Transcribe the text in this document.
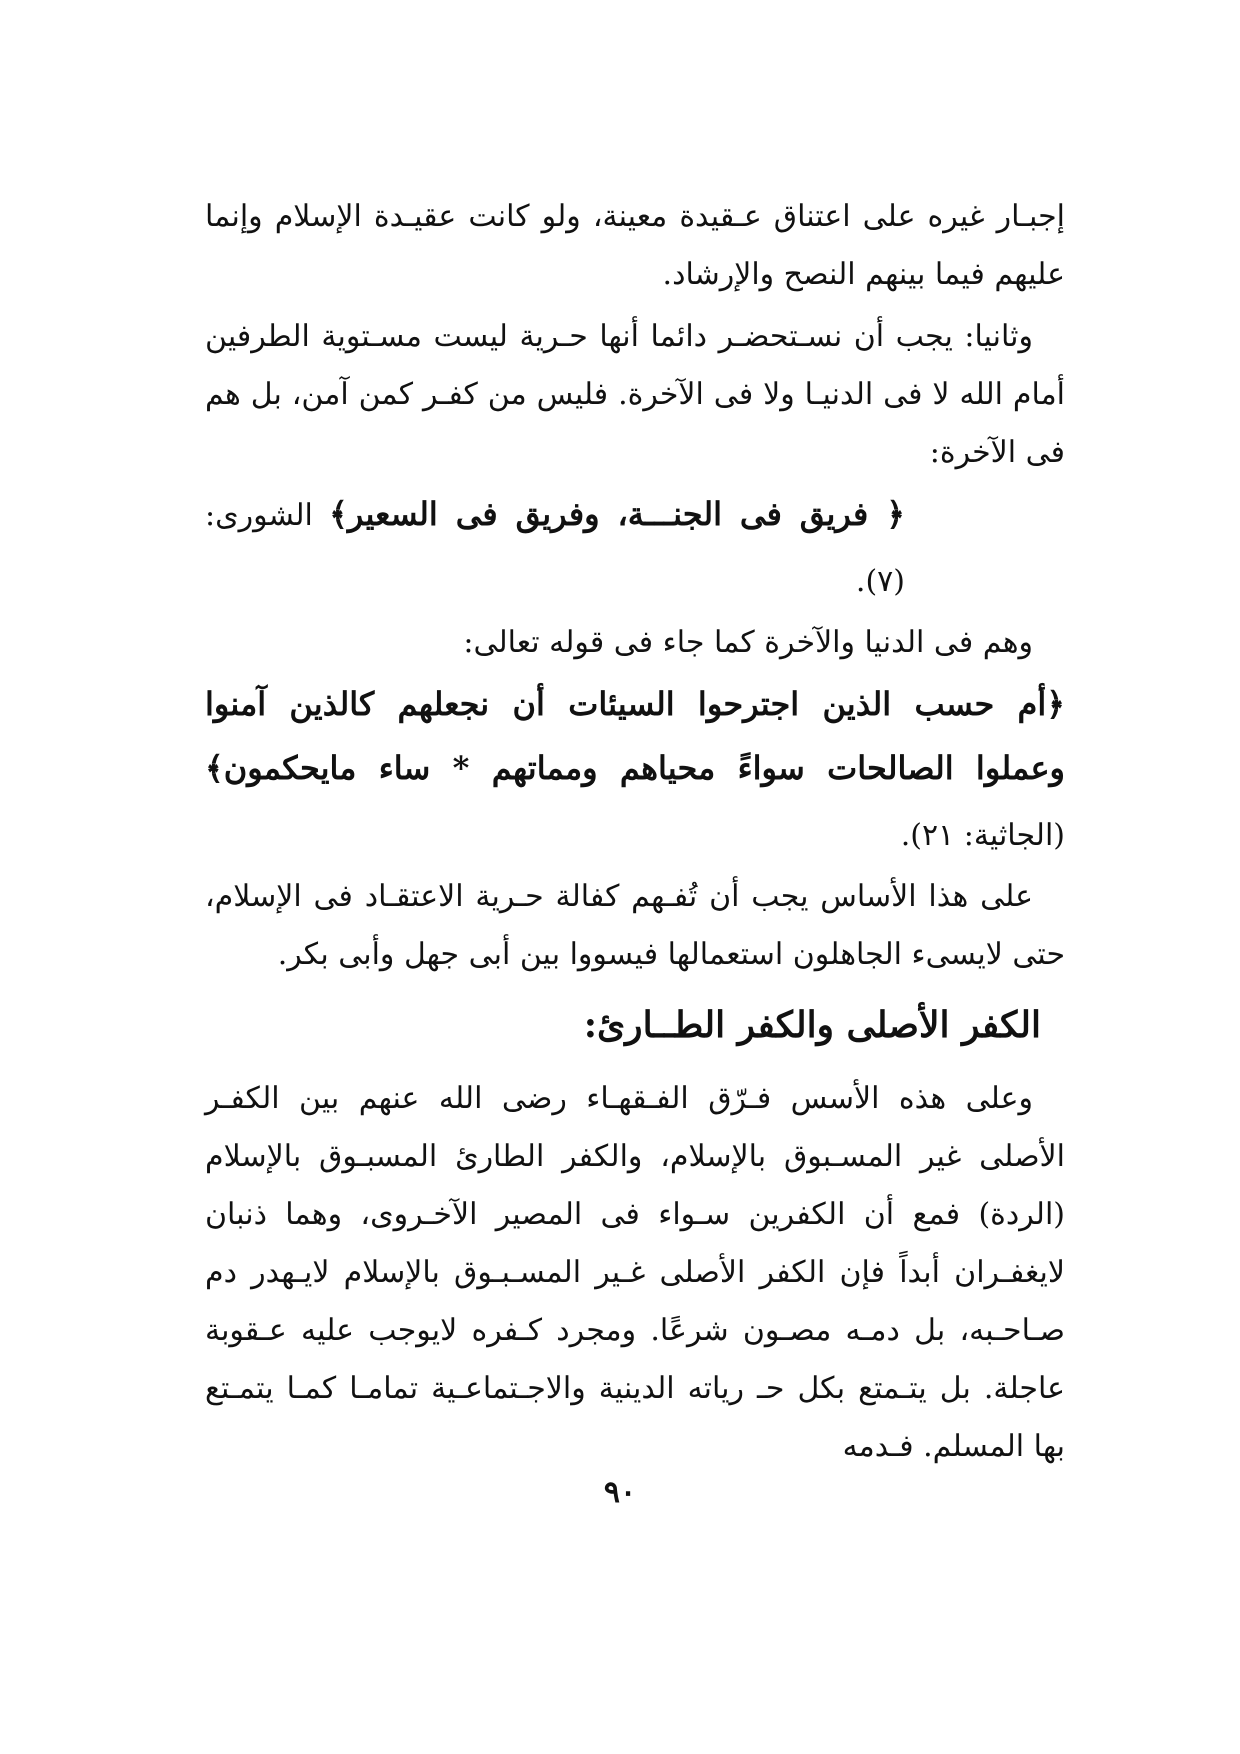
إجبـار غيره على اعتناق عـقيدة معينة، ولو كانت عقيـدة الإسلام وإنما عليهم فيما بينهم النصح والإرشاد.

وثانيا: يجب أن نسـتحضـر دائما أنها حـرية ليست مسـتوية الطرفين أمام الله لا فى الدنيـا ولا فى الآخرة. فليس من كفـر كمن آمن، بل هم فى الآخرة:

﴿ فريق فى الجنـــة، وفريق فى السعير﴾ الشورى: (٧).

وهم فى الدنيا والآخرة كما جاء فى قوله تعالى:

﴿أم حسب الذين اجترحوا السيئات أن نجعلهم كالذين آمنوا وعملوا الصالحات سواءً محياهم ومماتهم * ساء مايحكمون﴾ (الجاثية: ٢١).

على هذا الأساس يجب أن تُفـهم كفالة حـرية الاعتقـاد فى الإسلام، حتى لايسىء الجاهلون استعمالها فيسووا بين أبى جهل وأبى بكر.

الكفر الأصلى والكفر الطــارئ:

وعلى هذه الأسس فـرّق الفـقهـاء رضى الله عنهم بين الكفـر الأصلى غير المسـبوق بالإسلام، والكفر الطارئ المسبـوق بالإسلام (الردة) فمع أن الكفرين سـواء فى المصير الآخـروى، وهما ذنبان لايغفـران أبداً فإن الكفر الأصلى غـير المسـبـوق بالإسلام لايـهدر دم صـاحـبه، بل دمـه مصـون شرعًا. ومجرد كـفره لايوجب عليه عـقوبة عاجلة. بل يتـمتع بكل حـ رياته الدينية والاجـتماعـية تمامـا كمـا يتمـتع بها المسلم. فـدمه

٩٠
